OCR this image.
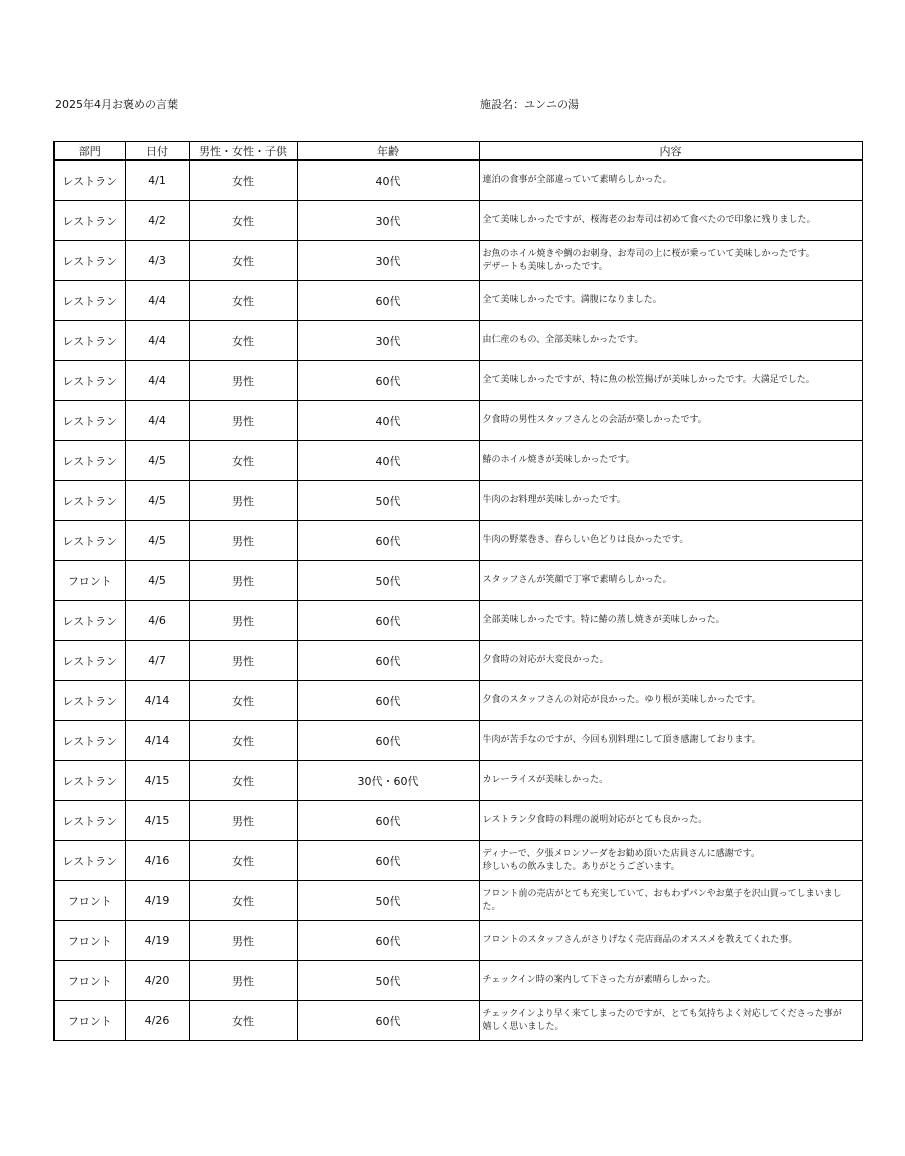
2025年4月お褒めの言葉	施設名：ユンニの湯
部門	日付	男性・女性・子供	年齢	内容
レストラン	4/1	女性	40代	連泊の食事が全部違っていて素晴らしかった。
レストラン	4/2	女性	30代	全て美味しかったですが、桜海老のお寿司は初めて食べたので印象に残りました。
レストラン	4/3	女性	30代	お魚のホイル焼きや鯛のお刺身、お寿司の上に桜が乗っていて美味しかったです。
デザートも美味しかったです。
レストラン	4/4	女性	60代	全て美味しかったです。満腹になりました。
レストラン	4/4	女性	30代	由仁産のもの、全部美味しかったです。
レストラン	4/4	男性	60代	全て美味しかったですが、特に魚の松笠揚げが美味しかったです。大満足でした。
レストラン	4/4	男性	40代	夕食時の男性スタッフさんとの会話が楽しかったです。
レストラン	4/5	女性	40代	鰆のホイル焼きが美味しかったです。
レストラン	4/5	男性	50代	牛肉のお料理が美味しかったです。
レストラン	4/5	男性	60代	牛肉の野菜巻き、春らしい色どりは良かったです。
フロント	4/5	男性	50代	スタッフさんが笑顔で丁寧で素晴らしかった。
レストラン	4/6	男性	60代	全部美味しかったです。特に鰆の蒸し焼きが美味しかった。
レストラン	4/7	男性	60代	夕食時の対応が大変良かった。
レストラン	4/14	女性	60代	夕食のスタッフさんの対応が良かった。ゆり根が美味しかったです。
レストラン	4/14	女性	60代	牛肉が苦手なのですが、今回も別料理にして頂き感謝しております。
レストラン	4/15	女性	30代・60代	カレーライスが美味しかった。
レストラン	4/15	男性	60代	レストラン夕食時の料理の説明対応がとても良かった。
レストラン	4/16	女性	60代	ディナーで、夕張メロンソーダをお勧め頂いた店員さんに感謝です。
珍しいもの飲みました。ありがとうございます。
フロント	4/19	女性	50代	フロント前の売店がとても充実していて、おもわずパンやお菓子を沢山買ってしまいまし
た。
フロント	4/19	男性	60代	フロントのスタッフさんがさりげなく売店商品のオススメを教えてくれた事。
フロント	4/20	男性	50代	チェックイン時の案内して下さった方が素晴らしかった。
フロント	4/26	女性	60代	チェックインより早く来てしまったのですが、とても気持ちよく対応してくださった事が
嬉しく思いました。
